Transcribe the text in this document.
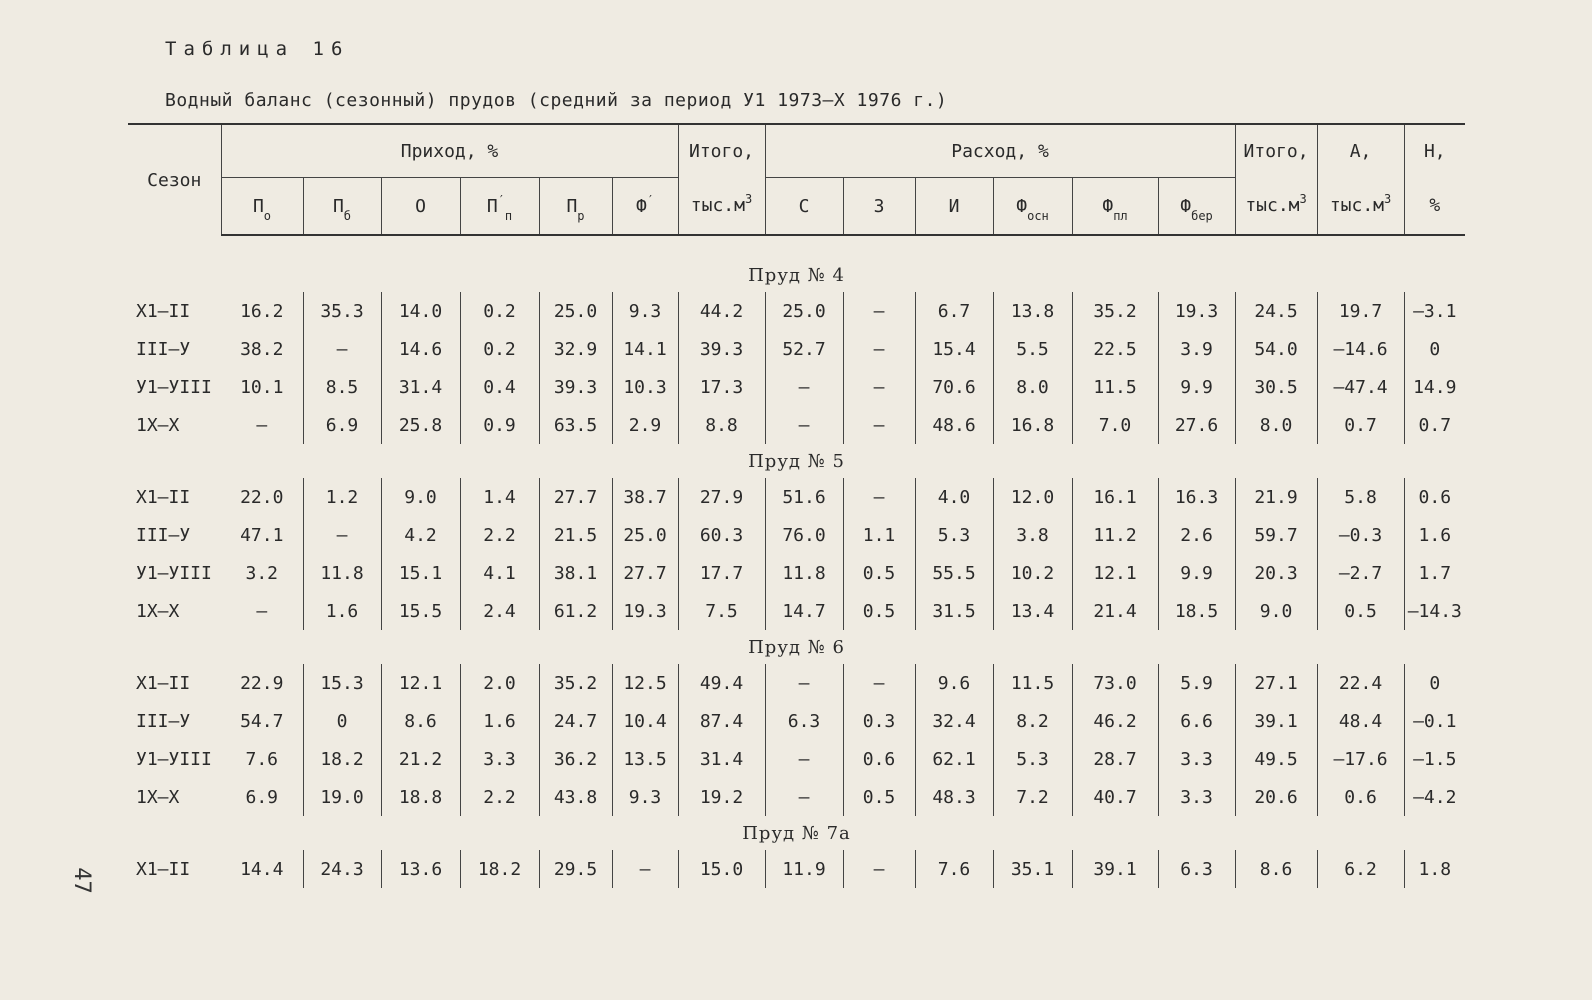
47
Таблица 16
Водный баланс (сезонный) прудов (средний за период У1 1973–Х 1976 г.)
Сезон	Приход, %						Итого,	Расход, %						Итого,	А,	Н,
	$П_о$	$П_б$	О	$П'_п$	$П_р$	Ф′	$тыс.м^3$	С	З	И	$Ф_{осн}$	$Ф_{пл}$	$Ф_{бер}$	$тыс.м^3$	$тыс.м^3$	%

Пруд № 4																
Х1–II	16.2	35.3	14.0	0.2	25.0	9.3	44.2	25.0	–	6.7	13.8	35.2	19.3	24.5	19.7	–3.1
III–У	38.2	–	14.6	0.2	32.9	14.1	39.3	52.7	–	15.4	5.5	22.5	3.9	54.0	–14.6	0
У1–УIII	10.1	8.5	31.4	0.4	39.3	10.3	17.3	–	–	70.6	8.0	11.5	9.9	30.5	–47.4	14.9
1Х–Х	–	6.9	25.8	0.9	63.5	2.9	8.8	–	–	48.6	16.8	7.0	27.6	8.0	0.7	0.7
Пруд № 5																
Х1–II	22.0	1.2	9.0	1.4	27.7	38.7	27.9	51.6	–	4.0	12.0	16.1	16.3	21.9	5.8	0.6
III–У	47.1	–	4.2	2.2	21.5	25.0	60.3	76.0	1.1	5.3	3.8	11.2	2.6	59.7	–0.3	1.6
У1–УIII	3.2	11.8	15.1	4.1	38.1	27.7	17.7	11.8	0.5	55.5	10.2	12.1	9.9	20.3	–2.7	1.7
1Х–Х	–	1.6	15.5	2.4	61.2	19.3	7.5	14.7	0.5	31.5	13.4	21.4	18.5	9.0	0.5	–14.3
Пруд № 6																
Х1–II	22.9	15.3	12.1	2.0	35.2	12.5	49.4	–	–	9.6	11.5	73.0	5.9	27.1	22.4	0
III–У	54.7	0	8.6	1.6	24.7	10.4	87.4	6.3	0.3	32.4	8.2	46.2	6.6	39.1	48.4	–0.1
У1–УIII	7.6	18.2	21.2	3.3	36.2	13.5	31.4	–	0.6	62.1	5.3	28.7	3.3	49.5	–17.6	–1.5
1Х–Х	6.9	19.0	18.8	2.2	43.8	9.3	19.2	–	0.5	48.3	7.2	40.7	3.3	20.6	0.6	–4.2
Пруд № 7а																
Х1–II	14.4	24.3	13.6	18.2	29.5	–	15.0	11.9	–	7.6	35.1	39.1	6.3	8.6	6.2	1.8
